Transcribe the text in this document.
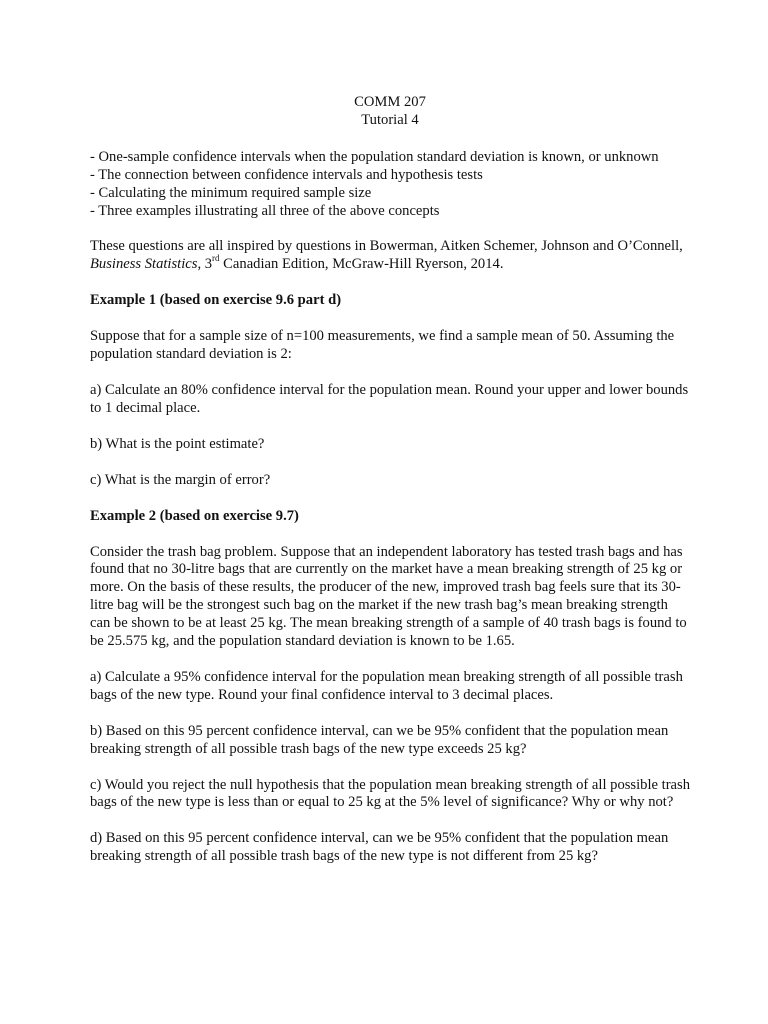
COMM 207
Tutorial 4
- One-sample confidence intervals when the population standard deviation is known, or unknown
- The connection between confidence intervals and hypothesis tests
- Calculating the minimum required sample size
- Three examples illustrating all three of the above concepts

These questions are all inspired by questions in Bowerman, Aitken Schemer, Johnson and O’Connell, Business Statistics, 3rd Canadian Edition, McGraw-Hill Ryerson, 2014.

Example 1 (based on exercise 9.6 part d)

Suppose that for a sample size of n=100 measurements, we find a sample mean of 50. Assuming the population standard deviation is 2:

a) Calculate an 80% confidence interval for the population mean. Round your upper and lower bounds to 1 decimal place.

b) What is the point estimate?

c) What is the margin of error?

Example 2 (based on exercise 9.7)

Consider the trash bag problem. Suppose that an independent laboratory has tested trash bags and has found that no 30-litre bags that are currently on the market have a mean breaking strength of 25 kg or more. On the basis of these results, the producer of the new, improved trash bag feels sure that its 30-litre bag will be the strongest such bag on the market if the new trash bag’s mean breaking strength can be shown to be at least 25 kg. The mean breaking strength of a sample of 40 trash bags is found to be 25.575 kg, and the population standard deviation is known to be 1.65.

a) Calculate a 95% confidence interval for the population mean breaking strength of all possible trash bags of the new type. Round your final confidence interval to 3 decimal places.

b) Based on this 95 percent confidence interval, can we be 95% confident that the population mean breaking strength of all possible trash bags of the new type exceeds 25 kg?

c) Would you reject the null hypothesis that the population mean breaking strength of all possible trash bags of the new type is less than or equal to 25 kg at the 5% level of significance? Why or why not?

d) Based on this 95 percent confidence interval, can we be 95% confident that the population mean breaking strength of all possible trash bags of the new type is not different from 25 kg?
